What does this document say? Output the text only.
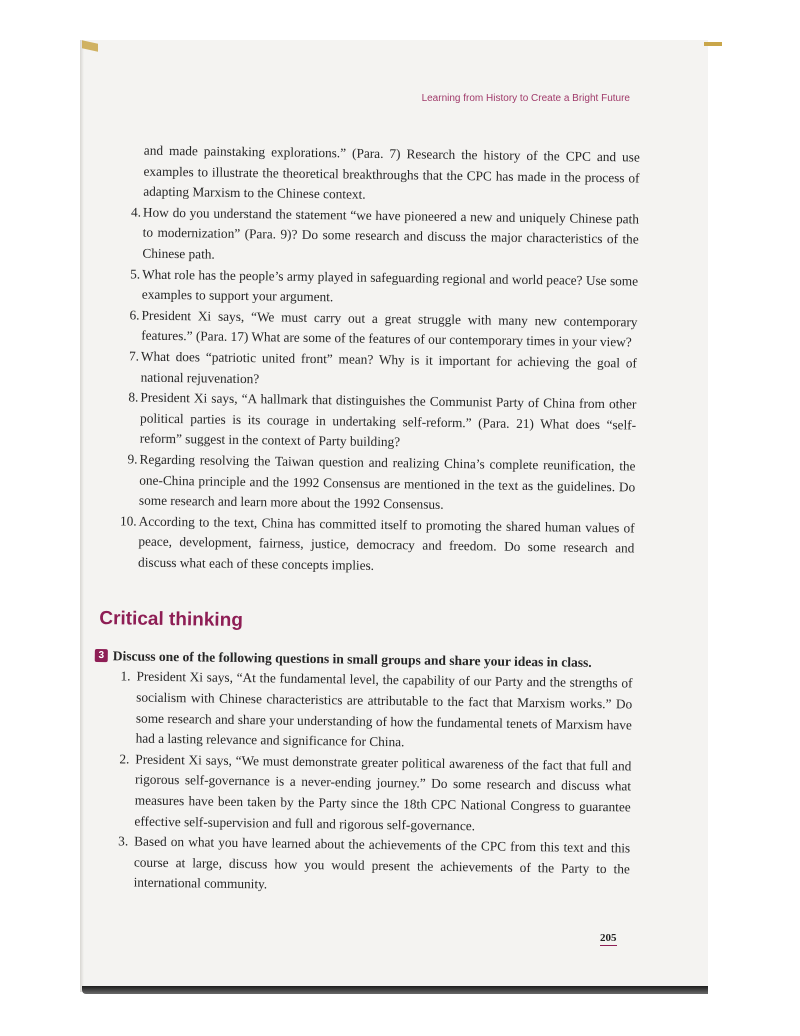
Learning from History to Create a Bright Future
and made painstaking explorations.” (Para. 7) Research the history of the CPC and use examples to illustrate the theoretical breakthroughs that the CPC has made in the process of adapting Marxism to the Chinese context.
4. How do you understand the statement “we have pioneered a new and uniquely Chinese path to modernization” (Para. 9)? Do some research and discuss the major characteristics of the Chinese path.
5. What role has the people’s army played in safeguarding regional and world peace? Use some examples to support your argument.
6. President Xi says, “We must carry out a great struggle with many new contemporary features.” (Para. 17) What are some of the features of our contemporary times in your view?
7. What does “patriotic united front” mean? Why is it important for achieving the goal of national rejuvenation?
8. President Xi says, “A hallmark that distinguishes the Communist Party of China from other political parties is its courage in undertaking self-reform.” (Para. 21) What does “self-reform” suggest in the context of Party building?
9. Regarding resolving the Taiwan question and realizing China’s complete reunification, the one-China principle and the 1992 Consensus are mentioned in the text as the guidelines. Do some research and learn more about the 1992 Consensus.
10. According to the text, China has committed itself to promoting the shared human values of peace, development, fairness, justice, democracy and freedom. Do some research and discuss what each of these concepts implies.
Critical thinking
3 Discuss one of the following questions in small groups and share your ideas in class.
1. President Xi says, “At the fundamental level, the capability of our Party and the strengths of socialism with Chinese characteristics are attributable to the fact that Marxism works.” Do some research and share your understanding of how the fundamental tenets of Marxism have had a lasting relevance and significance for China.
2. President Xi says, “We must demonstrate greater political awareness of the fact that full and rigorous self-governance is a never-ending journey.” Do some research and discuss what measures have been taken by the Party since the 18th CPC National Congress to guarantee effective self-supervision and full and rigorous self-governance.
3. Based on what you have learned about the achievements of the CPC from this text and this course at large, discuss how you would present the achievements of the Party to the international community.
205
